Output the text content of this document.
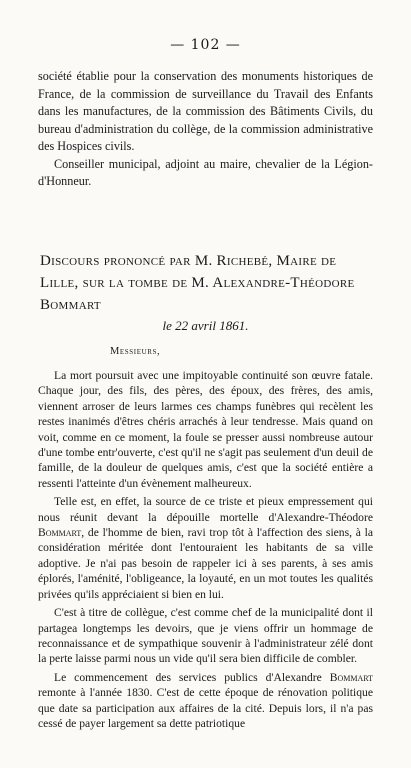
— 102 —

société établie pour la conservation des monuments historiques de France, de la commission de surveillance du Travail des Enfants dans les manufactures, de la commission des Bâtiments Civils, du bureau d'administration du collège, de la commission administrative des Hospices civils.

Conseiller municipal, adjoint au maire, chevalier de la Légion-d'Honneur.

Discours prononcé par M. Richebé, Maire de Lille, sur la tombe de M. Alexandre-Théodore Bommart
le 22 avril 1861.
Messieurs,

La mort poursuit avec une impitoyable continuité son œuvre fatale. Chaque jour, des fils, des pères, des époux, des frères, des amis, viennent arroser de leurs larmes ces champs funèbres qui recèlent les restes inanimés d'êtres chéris arrachés à leur tendresse. Mais quand on voit, comme en ce moment, la foule se presser aussi nombreuse autour d'une tombe entr'ouverte, c'est qu'il ne s'agit pas seulement d'un deuil de famille, de la douleur de quelques amis, c'est que la société entière a ressenti l'atteinte d'un évènement malheureux.

Telle est, en effet, la source de ce triste et pieux empressement qui nous réunit devant la dépouille mortelle d'Alexandre-Théodore Bommart, de l'homme de bien, ravi trop tôt à l'affection des siens, à la considération méritée dont l'entouraient les habitants de sa ville adoptive. Je n'ai pas besoin de rappeler ici à ses parents, à ses amis éplorés, l'aménité, l'obligeance, la loyauté, en un mot toutes les qualités privées qu'ils appréciaient si bien en lui.

C'est à titre de collègue, c'est comme chef de la municipalité dont il partagea longtemps les devoirs, que je viens offrir un hommage de reconnaissance et de sympathique souvenir à l'administrateur zélé dont la perte laisse parmi nous un vide qu'il sera bien difficile de combler.

Le commencement des services publics d'Alexandre Bommart remonte à l'année 1830. C'est de cette époque de rénovation politique que date sa participation aux affaires de la cité. Depuis lors, il n'a pas cessé de payer largement sa dette patriotique
